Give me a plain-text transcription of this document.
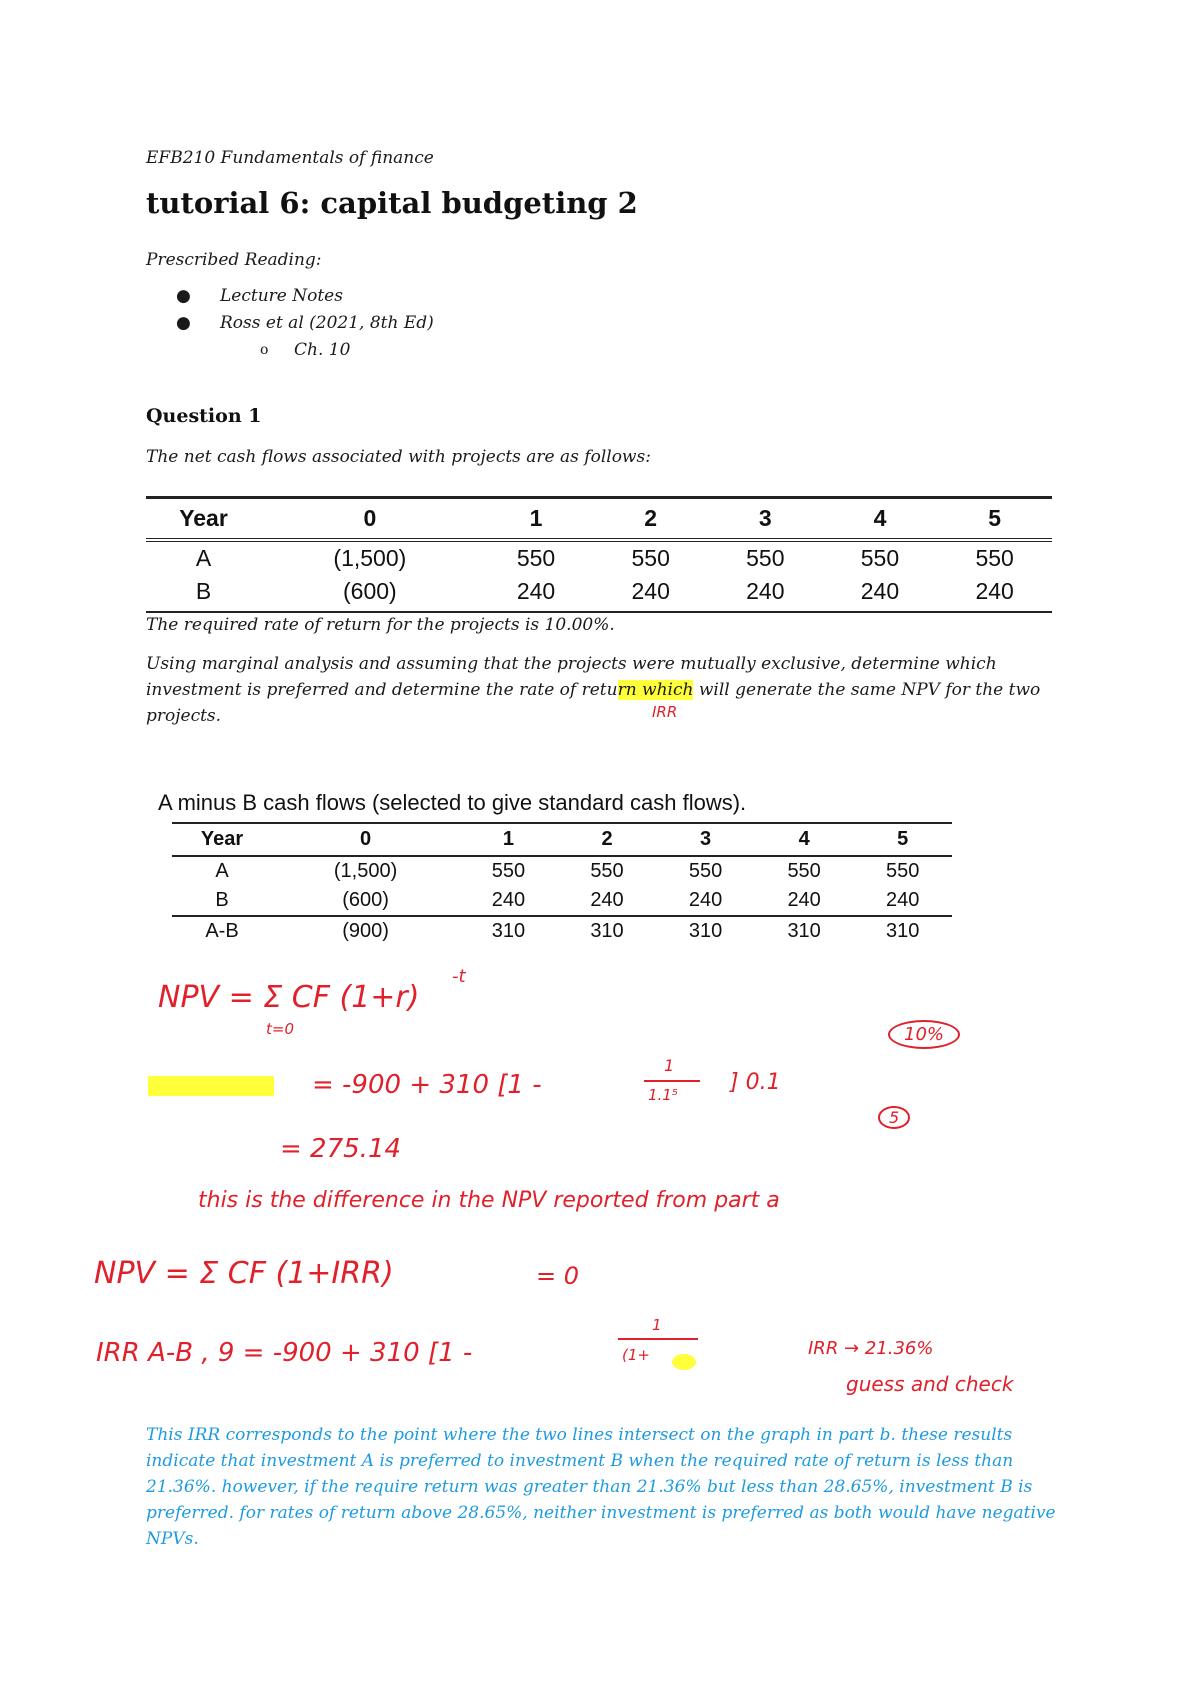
EFB210 Fundamentals of finance
tutorial 6: capital budgeting 2
Prescribed Reading:
●	Lecture Notes
●	Ross et al (2021, 8th Ed)
o	Ch. 10
Question 1
The net cash flows associated with projects are as follows:
Year	0	1	2	3	4	5
A	(1,500)	550	550	550	550	550
B	(600)	240	240	240	240	240
The required rate of return for the projects is 10.00%.
Using marginal analysis and assuming that the projects were mutually exclusive, determine which investment is preferred and determine the rate of return which will generate the same NPV for the two projects.	IRR
A minus B cash flows (selected to give standard cash flows).
Year	0	1	2	3	4	5
A	(1,500)	550	550	550	550	550
B	(600)	240	240	240	240	240
A-B	(900)	310	310	310	310	310
NPV = Σ CF (1+r)
-t
t=0	10%
= -900 + 310 [1 -
1
1.1⁵ ] 0.1
5
= 275.14
this is the difference in the NPV reported from part a
NPV = Σ CF (1+IRR)	= 0
IRR A-B , 9 = -900 + 310 [1 -
1
(1+	IRR → 21.36%
guess and check
This IRR corresponds to the point where the two lines intersect on the graph in part b. these results indicate that investment A is preferred to investment B when the required rate of return is less than 21.36%. however, if the require return was greater than 21.36% but less than 28.65%, investment B is preferred. for rates of return above 28.65%, neither investment is preferred as both would have negative NPVs.
